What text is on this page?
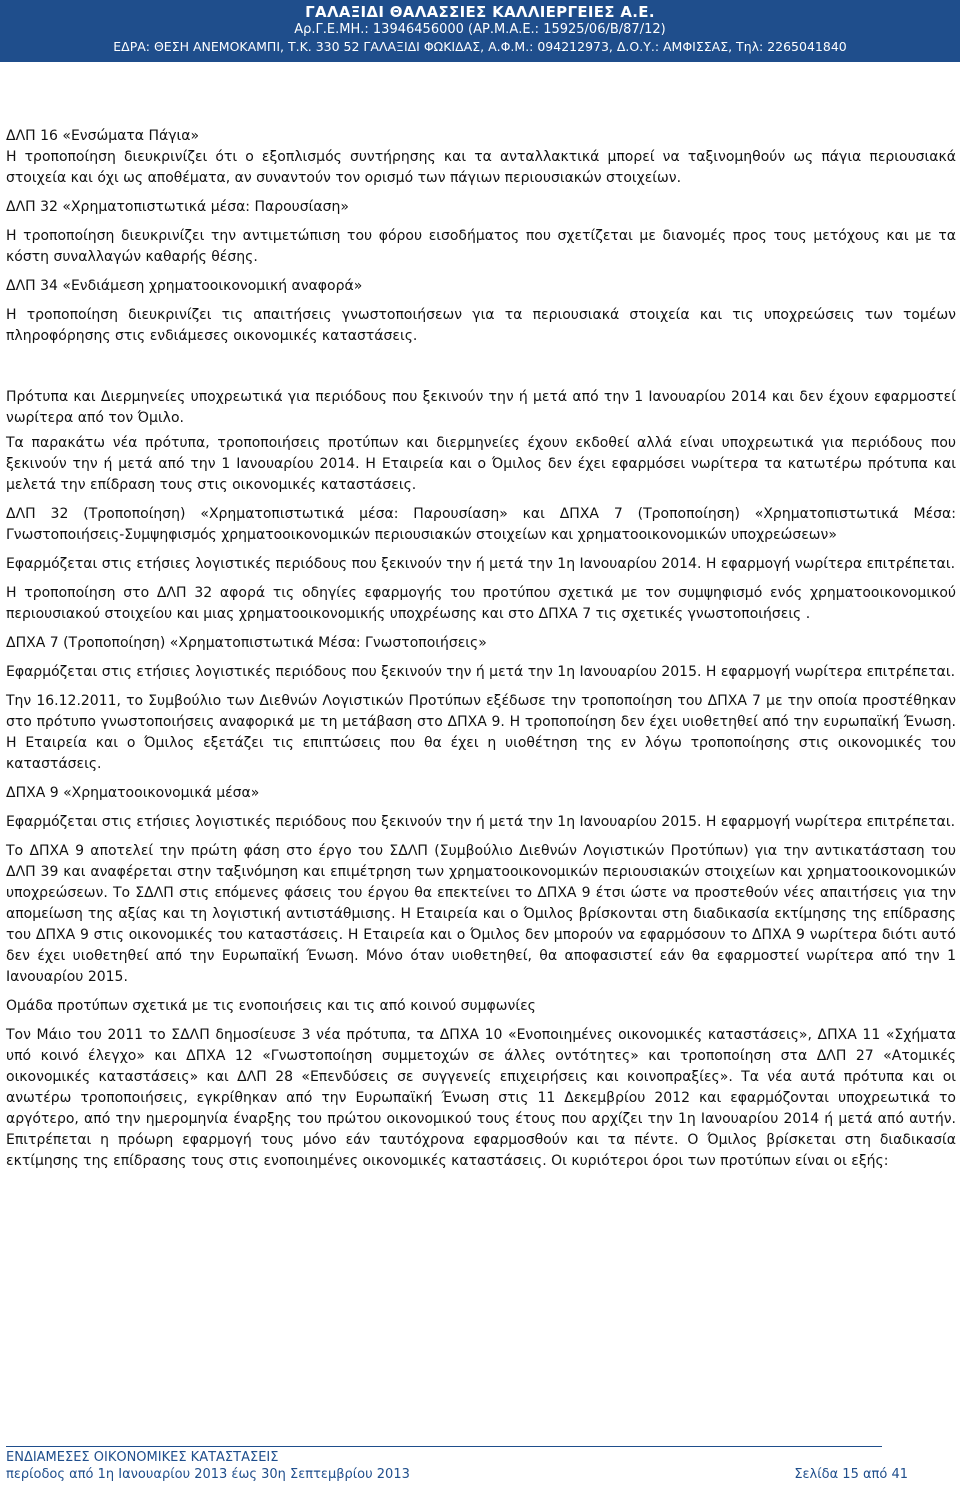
ΓΑΛΑΞΙΔΙ ΘΑΛΑΣΣΙΕΣ ΚΑΛΛΙΕΡΓΕΙΕΣ Α.Ε.
Αρ.Γ.Ε.ΜΗ.: 13946456000 (ΑΡ.Μ.Α.Ε.: 15925/06/Β/87/12)
ΕΔΡΑ: ΘΕΣΗ ΑΝΕΜΟΚΑΜΠΙ, Τ.Κ. 330 52 ΓΑΛΑΞΙΔΙ ΦΩΚΙΔΑΣ, Α.Φ.Μ.: 094212973, Δ.Ο.Υ.: ΑΜΦΙΣΣΑΣ, Τηλ: 2265041840

ΔΛΠ 16 «Ενσώματα Πάγια»

Η τροποποίηση διευκρινίζει ότι ο εξοπλισμός συντήρησης και τα ανταλλακτικά μπορεί να ταξινομηθούν ως πάγια περιουσιακά στοιχεία και όχι ως αποθέματα, αν συναντούν τον ορισμό των πάγιων περιουσιακών στοιχείων.

ΔΛΠ 32 «Χρηματοπιστωτικά μέσα: Παρουσίαση»

Η τροποποίηση διευκρινίζει την αντιμετώπιση του φόρου εισοδήματος που σχετίζεται με διανομές προς τους μετόχους και με τα κόστη συναλλαγών καθαρής θέσης.

ΔΛΠ 34 «Ενδιάμεση χρηματοοικονομική αναφορά»

Η τροποποίηση διευκρινίζει τις απαιτήσεις γνωστοποιήσεων για τα περιουσιακά στοιχεία και τις υποχρεώσεις των τομέων πληροφόρησης στις ενδιάμεσες οικονομικές καταστάσεις.

Πρότυπα και Διερμηνείες υποχρεωτικά για περιόδους που ξεκινούν την ή μετά από την 1 Ιανουαρίου 2014 και δεν έχουν εφαρμοστεί νωρίτερα από τον Όμιλο.

Τα παρακάτω νέα πρότυπα, τροποποιήσεις προτύπων και διερμηνείες έχουν εκδοθεί αλλά είναι υποχρεωτικά για περιόδους που ξεκινούν την ή μετά από την 1 Ιανουαρίου 2014. Η Εταιρεία και ο Όμιλος δεν έχει εφαρμόσει νωρίτερα τα κατωτέρω πρότυπα και μελετά την επίδραση τους στις οικονομικές καταστάσεις.

ΔΛΠ 32 (Τροποποίηση) «Χρηματοπιστωτικά μέσα: Παρουσίαση» και ΔΠΧΑ 7 (Τροποποίηση) «Χρηματοπιστωτικά Μέσα: Γνωστοποιήσεις-Συμψηφισμός χρηματοοικονομικών περιουσιακών στοιχείων και χρηματοοικονομικών υποχρεώσεων»

Εφαρμόζεται στις ετήσιες λογιστικές περιόδους που ξεκινούν την ή μετά την 1η Ιανουαρίου 2014. Η εφαρμογή νωρίτερα επιτρέπεται.

Η τροποποίηση στο ΔΛΠ 32 αφορά τις οδηγίες εφαρμογής του προτύπου σχετικά με τον συμψηφισμό ενός χρηματοοικονομικού περιουσιακού στοιχείου και μιας χρηματοοικονομικής υποχρέωσης και στο ΔΠΧΑ 7 τις σχετικές γνωστοποιήσεις .

ΔΠΧΑ 7 (Τροποποίηση) «Χρηματοπιστωτικά Μέσα: Γνωστοποιήσεις»

Εφαρμόζεται στις ετήσιες λογιστικές περιόδους που ξεκινούν την ή μετά την 1η Ιανουαρίου 2015. Η εφαρμογή νωρίτερα επιτρέπεται.

Την 16.12.2011, το Συμβούλιο των Διεθνών Λογιστικών Προτύπων εξέδωσε την τροποποίηση του ΔΠΧΑ 7 με την οποία προστέθηκαν στο πρότυπο γνωστοποιήσεις αναφορικά με τη μετάβαση στο ΔΠΧΑ 9. Η τροποποίηση δεν έχει υιοθετηθεί από την ευρωπαϊκή Ένωση. Η Εταιρεία και ο Όμιλος εξετάζει τις επιπτώσεις που θα έχει η υιοθέτηση της εν λόγω τροποποίησης στις οικονομικές του καταστάσεις.

ΔΠΧΑ 9 «Χρηματοοικονομικά μέσα»

Εφαρμόζεται στις ετήσιες λογιστικές περιόδους που ξεκινούν την ή μετά την 1η Ιανουαρίου 2015. Η εφαρμογή νωρίτερα επιτρέπεται.

Το ΔΠΧΑ 9 αποτελεί την πρώτη φάση στο έργο του ΣΔΛΠ (Συμβούλιο Διεθνών Λογιστικών Προτύπων) για την αντικατάσταση του ΔΛΠ 39 και αναφέρεται στην ταξινόμηση και επιμέτρηση των χρηματοοικονομικών περιουσιακών στοιχείων και χρηματοοικονομικών υποχρεώσεων. Το ΣΔΛΠ στις επόμενες φάσεις του έργου θα επεκτείνει το ΔΠΧΑ 9 έτσι ώστε να προστεθούν νέες απαιτήσεις για την απομείωση της αξίας και τη λογιστική αντιστάθμισης. Η Εταιρεία και ο Όμιλος βρίσκονται στη διαδικασία εκτίμησης της επίδρασης του ΔΠΧΑ 9 στις οικονομικές του καταστάσεις. Η Εταιρεία και ο Όμιλος δεν μπορούν να εφαρμόσουν το ΔΠΧΑ 9 νωρίτερα διότι αυτό δεν έχει υιοθετηθεί από την Ευρωπαϊκή Ένωση. Μόνο όταν υιοθετηθεί, θα αποφασιστεί εάν θα εφαρμοστεί νωρίτερα από την 1 Ιανουαρίου 2015.

Ομάδα προτύπων σχετικά με τις ενοποιήσεις και τις από κοινού συμφωνίες

Τον Μάιο του 2011 το ΣΔΛΠ δημοσίευσε 3 νέα πρότυπα, τα ΔΠΧΑ 10 «Ενοποιημένες οικονομικές καταστάσεις», ΔΠΧΑ 11 «Σχήματα υπό κοινό έλεγχο» και ΔΠΧΑ 12 «Γνωστοποίηση συμμετοχών σε άλλες οντότητες» και τροποποίηση στα ΔΛΠ 27 «Ατομικές οικονομικές καταστάσεις» και ΔΛΠ 28 «Επενδύσεις σε συγγενείς επιχειρήσεις και κοινοπραξίες». Τα νέα αυτά πρότυπα και οι ανωτέρω τροποποιήσεις, εγκρίθηκαν από την Ευρωπαϊκή Ένωση στις 11 Δεκεμβρίου 2012 και εφαρμόζονται υποχρεωτικά το αργότερο, από την ημερομηνία έναρξης του πρώτου οικονομικού τους έτους που αρχίζει την 1η Ιανουαρίου 2014 ή μετά από αυτήν. Επιτρέπεται η πρόωρη εφαρμογή τους μόνο εάν ταυτόχρονα εφαρμοσθούν και τα πέντε. Ο Όμιλος βρίσκεται στη διαδικασία εκτίμησης της επίδρασης τους στις ενοποιημένες οικονομικές καταστάσεις. Οι κυριότεροι όροι των προτύπων είναι οι εξής:

ΕΝΔΙΑΜΕΣΕΣ ΟΙΚΟΝΟΜΙΚΕΣ ΚΑΤΑΣΤΑΣΕΙΣ
περίοδος από 1η Ιανουαρίου 2013 έως 30η Σεπτεμβρίου 2013	Σελίδα 15 από 41
